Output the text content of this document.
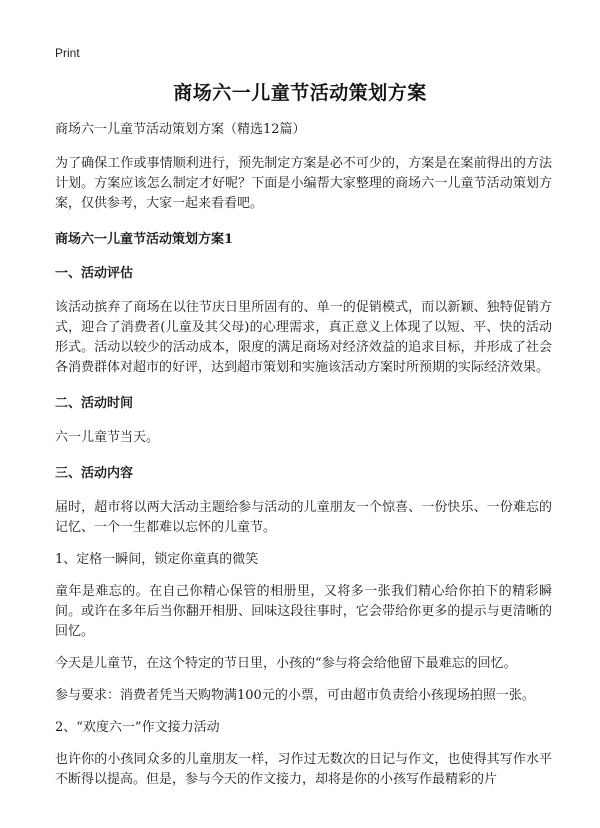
Print
商场六一儿童节活动策划方案

商场六一儿童节活动策划方案（精选12篇）

为了确保工作或事情顺利进行，预先制定方案是必不可少的，方案是在案前得出的方法计划。方案应该怎么制定才好呢？下面是小编帮大家整理的商场六一儿童节活动策划方案，仅供参考，大家一起来看看吧。

商场六一儿童节活动策划方案1
一、活动评估

该活动摈弃了商场在以往节庆日里所固有的、单一的促销模式，而以新颖、独特促销方式，迎合了消费者(儿童及其父母)的心理需求，真正意义上体现了以短、平、快的活动形式。活动以较少的活动成本，限度的满足商场对经济效益的追求目标，并形成了社会各消费群体对超市的好评，达到超市策划和实施该活动方案时所预期的实际经济效果。

二、活动时间

六一儿童节当天。

三、活动内容

届时，超市将以两大活动主题给参与活动的儿童朋友一个惊喜、一份快乐、一份难忘的记忆、一个一生都难以忘怀的儿童节。

1、定格一瞬间，锁定你童真的微笑

童年是难忘的。在自己你精心保管的相册里，又将多一张我们精心给你拍下的精彩瞬间。或许在多年后当你翻开相册、回味这段往事时，它会带给你更多的提示与更清晰的回忆。

今天是儿童节，在这个特定的节日里，小孩的“参与将会给他留下最难忘的回忆。

参与要求：消费者凭当天购物满100元的小票，可由超市负责给小孩现场拍照一张。

2、“欢度六一”作文接力活动

也许你的小孩同众多的儿童朋友一样，习作过无数次的日记与作文，也使得其写作水平不断得以提高。但是，参与今天的作文接力，却将是你的小孩写作最精彩的片
